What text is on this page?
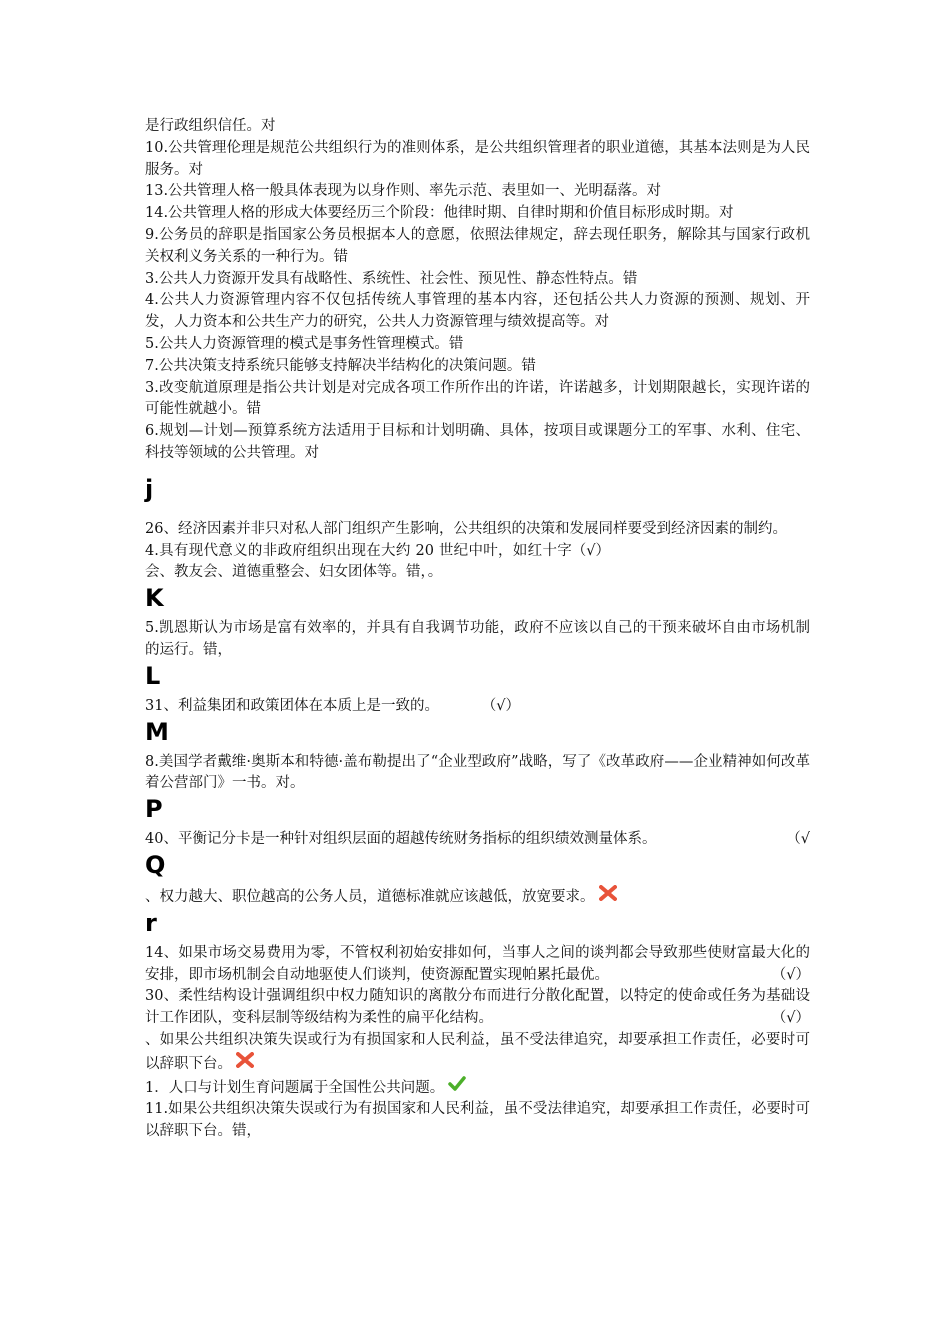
是行政组织信任。对

10.公共管理伦理是规范公共组织行为的准则体系，是公共组织管理者的职业道德，其基本法则是为人民服务。对

13.公共管理人格一般具体表现为以身作则、率先示范、表里如一、光明磊落。对

14.公共管理人格的形成大体要经历三个阶段：他律时期、自律时期和价值目标形成时期。对

9.公务员的辞职是指国家公务员根据本人的意愿，依照法律规定，辞去现任职务，解除其与国家行政机关权利义务关系的一种行为。错

3.公共人力资源开发具有战略性、系统性、社会性、预见性、静态性特点。错

4.公共人力资源管理内容不仅包括传统人事管理的基本内容，还包括公共人力资源的预测、规划、开发，人力资本和公共生产力的研究，公共人力资源管理与绩效提高等。对

5.公共人力资源管理的模式是事务性管理模式。错

7.公共决策支持系统只能够支持解决半结构化的决策问题。错

3.改变航道原理是指公共计划是对完成各项工作所作出的许诺，许诺越多，计划期限越长，实现许诺的可能性就越小。错

6.规划—计划—预算系统方法适用于目标和计划明确、具体，按项目或课题分工的军事、水利、住宅、科技等领域的公共管理。对

j

26、经济因素并非只对私人部门组织产生影响，公共组织的决策和发展同样要受到经济因素的制约。
（√）

4.具有现代意义的非政府组织出现在大约 20 世纪中叶，如红十字会、教友会、道德重整会、妇女团体等。错，。

K

5.凯恩斯认为市场是富有效率的，并具有自我调节功能，政府不应该以自己的干预来破坏自由市场机制的运行。错，

L

31、利益集团和政策团体在本质上是一致的。	（√）

M

8.美国学者戴维·奥斯本和特德·盖布勒提出了“企业型政府”战略，写了《改革政府——企业精神如何改革着公营部门》一书。对。

P

40、平衡记分卡是一种针对组织层面的超越传统财务指标的组织绩效测量体系。	（√

Q

、权力越大、职位越高的公务人员，道德标准就应该越低，放宽要求。

r

14、如果市场交易费用为零，不管权利初始安排如何，当事人之间的谈判都会导致那些使财富最大化的安排，即市场机制会自动地驱使人们谈判，使资源配置实现帕累托最优。	（√）

30、柔性结构设计强调组织中权力随知识的离散分布而进行分散化配置，以特定的使命或任务为基础设计工作团队，变科层制等级结构为柔性的扁平化结构。	（√）

、如果公共组织决策失误或行为有损国家和人民利益，虽不受法律追究，却要承担工作责任，必要时可以辞职下台。

1．人口与计划生育问题属于全国性公共问题。

11.如果公共组织决策失误或行为有损国家和人民利益，虽不受法律追究，却要承担工作责任，必要时可以辞职下台。错，
